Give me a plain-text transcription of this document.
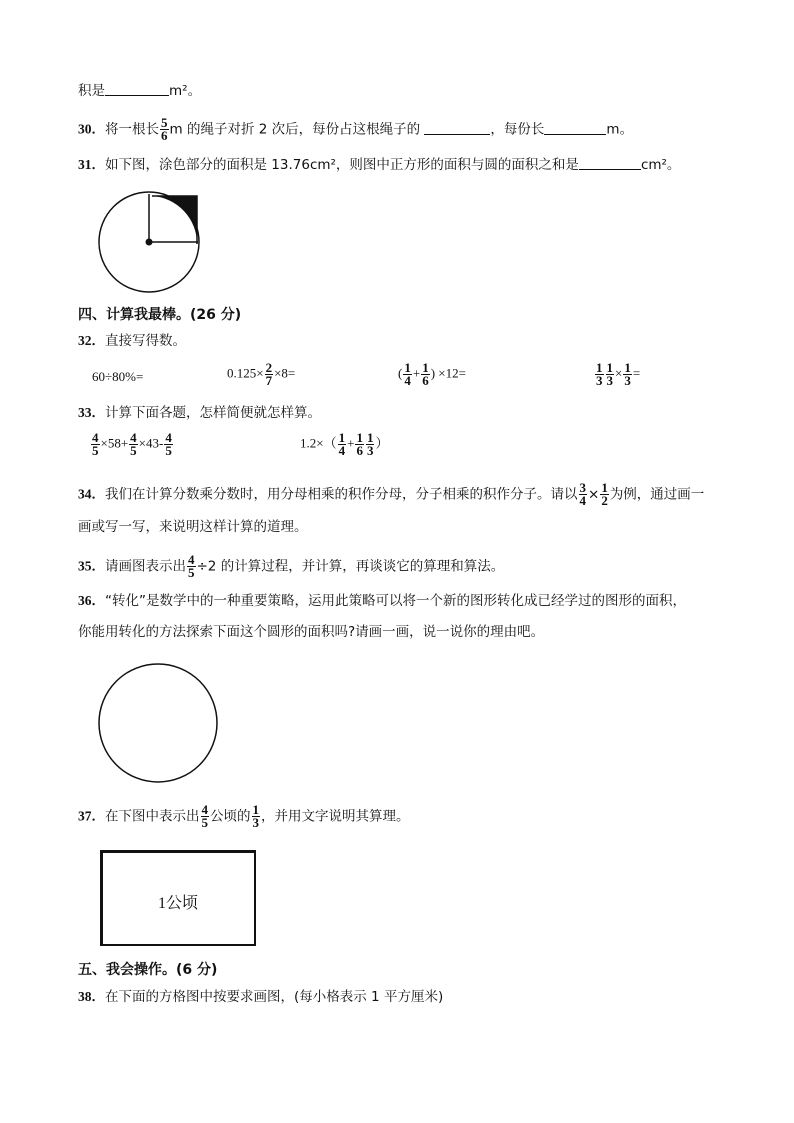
积是	m²。
30．将一根长 $\frac{5}{6}$ m 的绳子对折 2 次后，每份占这根绳子的	，每份长	m。
31．如下图，涂色部分的面积是 13.76cm²，则图中正方形的面积与圆的面积之和是	cm²。
四、计算我最棒。(26 分)
32．直接写得数。
60÷80%=	$0.125\times \frac{2}{7} \times 8=$	( $\frac{1}{4} + \frac{1}{6}$ ) ×12=	$\frac{1}{3} \frac{1}{3} \times \frac{1}{3}$ =
33．计算下面各题，怎样简便就怎样算。
$\frac{4}{5} \times 58+ \frac{4}{5} \times 43- \frac{4}{5}$	$1.2\times( \frac{1}{4} + \frac{1}{6} \frac{1}{3}$ ）
34．我们在计算分数乘分数时，用分母相乘的积作分母，分子相乘的积作分子。请以 $\frac{3}{4} \times \frac{1}{2}$ 为例，通过画一
画或写一写，来说明这样计算的道理。
35．请画图表示出 $\frac{4}{5} \div 2$ 的计算过程，并计算，再谈谈它的算理和算法。
36．“转化”是数学中的一种重要策略，运用此策略可以将一个新的图形转化成已经学过的图形的面积，
你能用转化的方法探索下面这个圆形的面积吗?请画一画，说一说你的理由吧。
37．在下图中表示出 $\frac{4}{5}$ 公顷的 $\frac{1}{3}$ ，并用文字说明其算理。
1公顷
五、我会操作。(6 分)
38．在下面的方格图中按要求画图，(每小格表示 1 平方厘米)
